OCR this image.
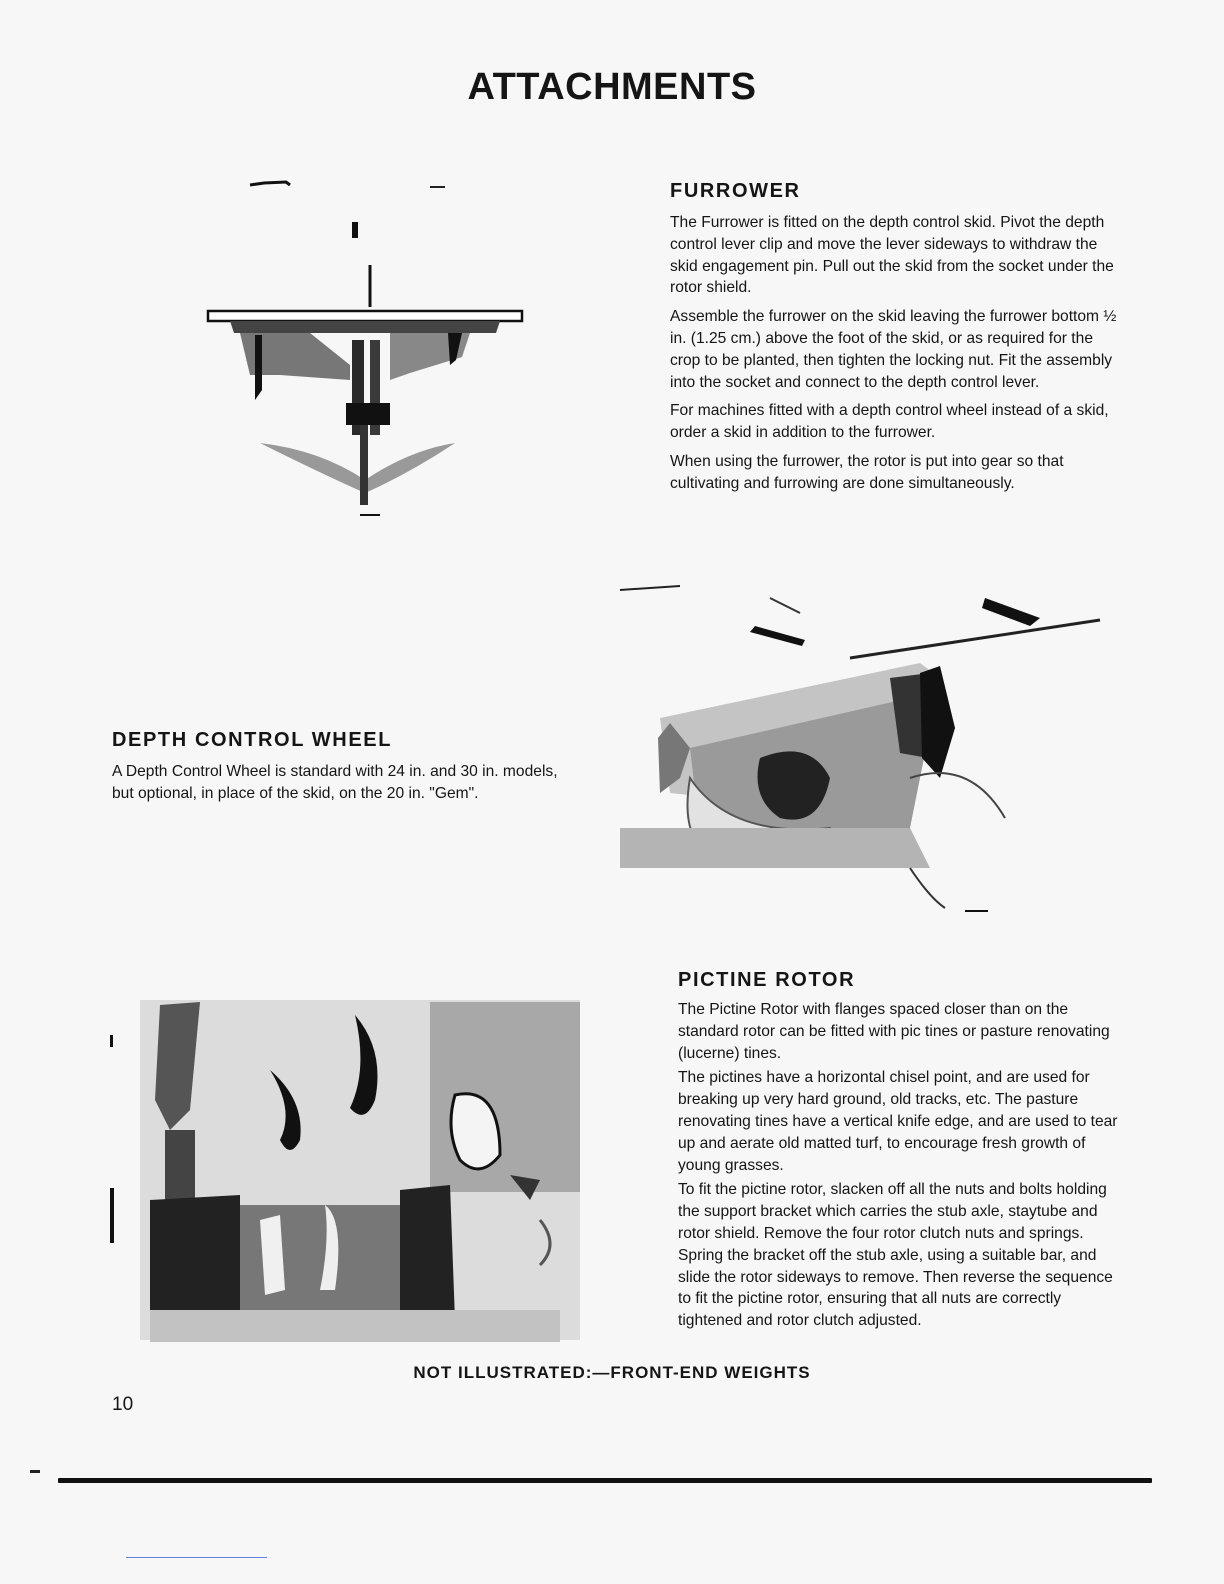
ATTACHMENTS
FURROWER

The Furrower is fitted on the depth control skid. Pivot the depth control lever clip and move the lever sideways to withdraw the skid engagement pin. Pull out the skid from the socket under the rotor shield.

Assemble the furrower on the skid leaving the furrower bottom ½ in. (1.25 cm.) above the foot of the skid, or as required for the crop to be planted, then tighten the locking nut. Fit the assembly into the socket and connect to the depth control lever.

For machines fitted with a depth control wheel instead of a skid, order a skid in addition to the furrower.

When using the furrower, the rotor is put into gear so that cultivating and furrowing are done simultaneously.

DEPTH CONTROL WHEEL

A Depth Control Wheel is standard with 24 in. and 30 in. models, but optional, in place of the skid, on the 20 in. "Gem".

PICTINE ROTOR

The Pictine Rotor with flanges spaced closer than on the standard rotor can be fitted with pic tines or pasture renovating (lucerne) tines.

The pictines have a horizontal chisel point, and are used for breaking up very hard ground, old tracks, etc. The pasture renovating tines have a vertical knife edge, and are used to tear up and aerate old matted turf, to encourage fresh growth of young grasses.

To fit the pictine rotor, slacken off all the nuts and bolts holding the support bracket which carries the stub axle, staytube and rotor shield. Remove the four rotor clutch nuts and springs. Spring the bracket off the stub axle, using a suitable bar, and slide the rotor sideways to remove. Then reverse the sequence to fit the pictine rotor, ensuring that all nuts are correctly tightened and rotor clutch adjusted.

NOT ILLUSTRATED:—FRONT-END WEIGHTS
10
